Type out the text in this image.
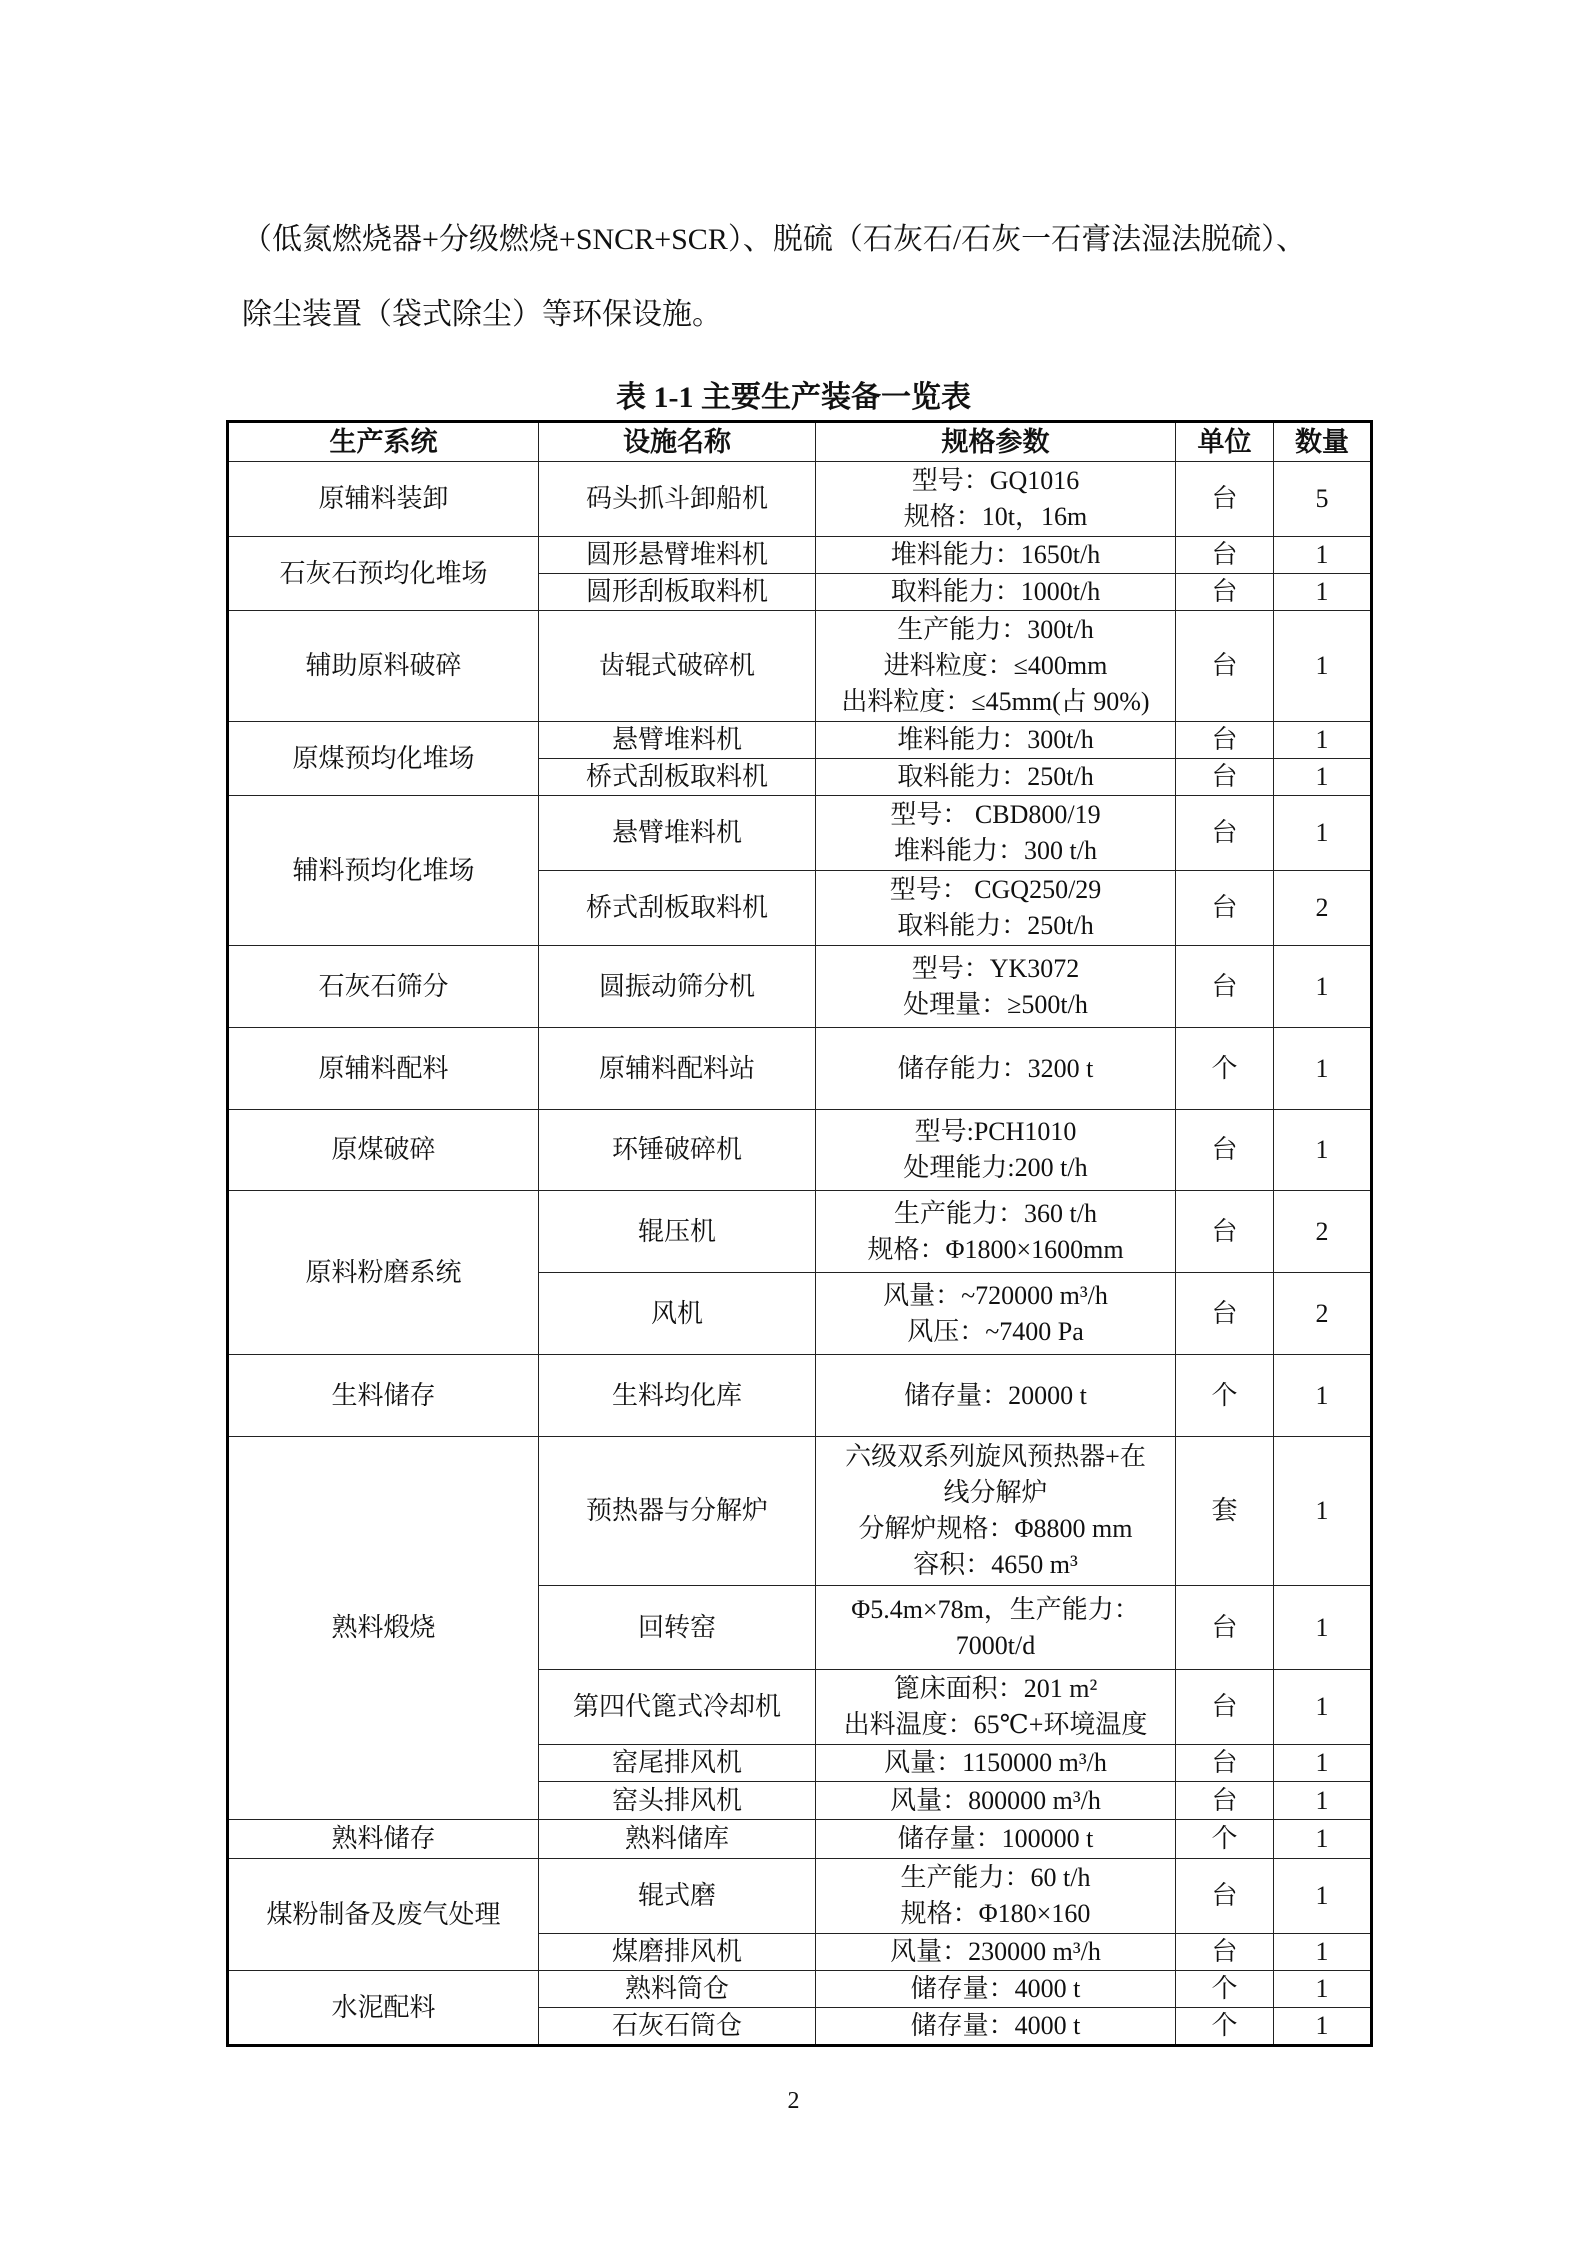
（低氮燃烧器+分级燃烧+SNCR+SCR）、脱硫（石灰石/石灰一石膏法湿法脱硫）、
除尘装置（袋式除尘）等环保设施。
表 1-1 主要生产装备一览表
生产系统	设施名称	规格参数	单位	数量
原辅料装卸	码头抓斗卸船机	型号：GQ1016
规格：10t，16m	台	5
石灰石预均化堆场	圆形悬臂堆料机	堆料能力：1650t/h	台	1
	圆形刮板取料机	取料能力：1000t/h	台	1
辅助原料破碎	齿辊式破碎机	生产能力：300t/h
进料粒度：≤400mm
出料粒度：≤45mm(占 90%)	台	1
原煤预均化堆场	悬臂堆料机	堆料能力：300t/h	台	1
	桥式刮板取料机	取料能力：250t/h	台	1
辅料预均化堆场	悬臂堆料机	型号： CBD800/19
堆料能力：300 t/h	台	1
	桥式刮板取料机	型号： CGQ250/29
取料能力：250t/h	台	2
石灰石筛分	圆振动筛分机	型号：YK3072
处理量：≥500t/h	台	1
原辅料配料	原辅料配料站	储存能力：3200 t	个	1
原煤破碎	环锤破碎机	型号:PCH1010
处理能力:200 t/h	台	1
原料粉磨系统	辊压机	生产能力：360 t/h
规格：Φ1800×1600mm	台	2
	风机	风量：~720000 m³/h
风压：~7400 Pa	台	2
生料储存	生料均化库	储存量：20000 t	个	1
熟料煅烧	预热器与分解炉	六级双系列旋风预热器+在
线分解炉
分解炉规格：Φ8800 mm
容积：4650 m³	套	1
	回转窑	Φ5.4m×78m，生产能力：
7000t/d	台	1
	第四代篦式冷却机	篦床面积：201 m²
出料温度：65℃+环境温度	台	1
	窑尾排风机	风量：1150000 m³/h	台	1
	窑头排风机	风量：800000 m³/h	台	1
熟料储存	熟料储库	储存量：100000 t	个	1
煤粉制备及废气处理	辊式磨	生产能力：60 t/h
规格：Φ180×160	台	1
	煤磨排风机	风量：230000 m³/h	台	1
水泥配料	熟料筒仓	储存量：4000 t	个	1
	石灰石筒仓	储存量：4000 t	个	1
2
